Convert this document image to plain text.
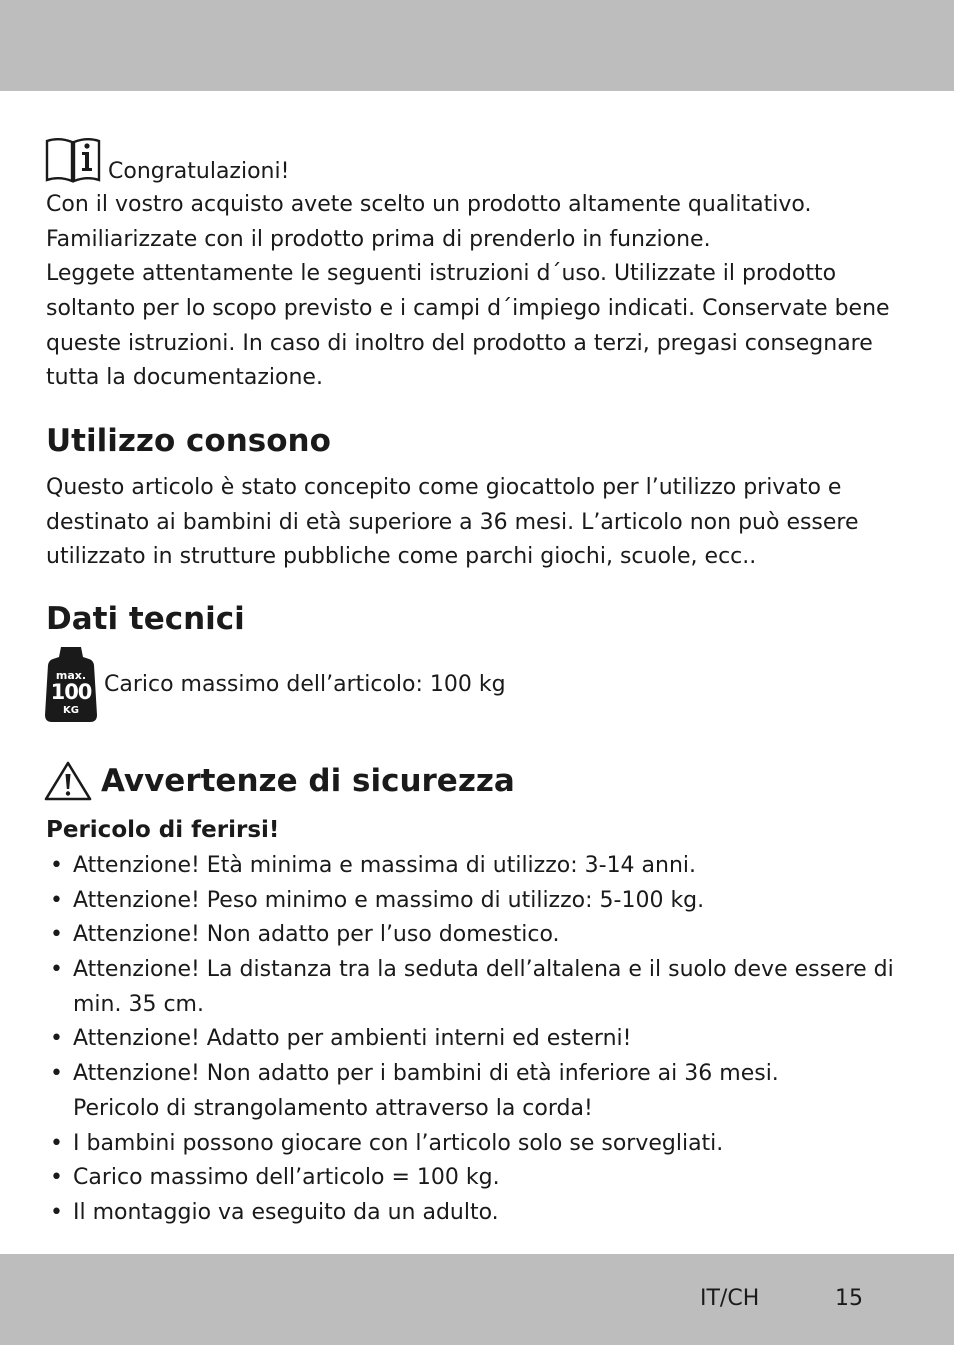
Congratulazioni!
Con il vostro acquisto avete scelto un prodotto altamente qualitativo.
Familiarizzate con il prodotto prima di prenderlo in funzione.
Leggete attentamente le seguenti istruzioni d´uso. Utilizzate il prodotto
soltanto per lo scopo previsto e i campi d´impiego indicati. Conservate bene
queste istruzioni. In caso di inoltro del prodotto a terzi, pregasi consegnare
tutta la documentazione.
Utilizzo consono
Questo articolo è stato concepito come giocattolo per l’utilizzo privato e
destinato ai bambini di età superiore a 36 mesi. L’articolo non può essere
utilizzato in strutture pubbliche come parchi giochi, scuole, ecc..
Dati tecnici
max.
100
KG
Carico massimo dell’articolo: 100 kg
Avvertenze di sicurezza
Pericolo di ferirsi!
• Attenzione! Età minima e massima di utilizzo: 3-14 anni.
• Attenzione! Peso minimo e massimo di utilizzo: 5-100 kg.
• Attenzione! Non adatto per l’uso domestico.
• Attenzione! La distanza tra la seduta dell’altalena e il suolo deve essere di
min. 35 cm.
• Attenzione! Adatto per ambienti interni ed esterni!
• Attenzione! Non adatto per i bambini di età inferiore ai 36 mesi.
Pericolo di strangolamento attraverso la corda!
• I bambini possono giocare con l’articolo solo se sorvegliati.
• Carico massimo dell’articolo = 100 kg.
• Il montaggio va eseguito da un adulto.
IT/CH	15
